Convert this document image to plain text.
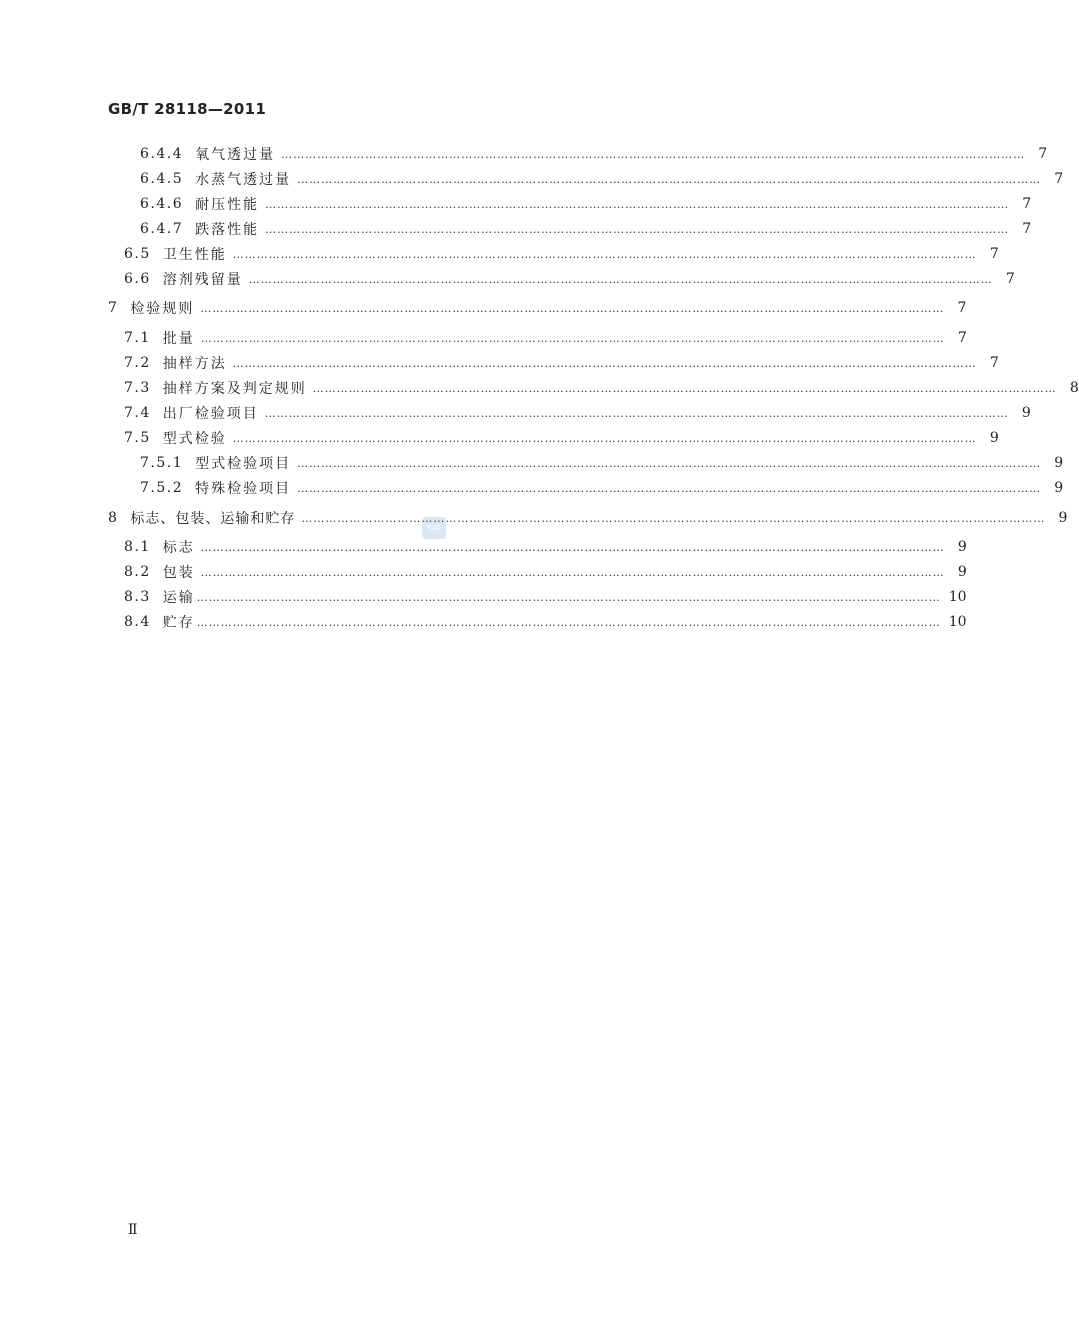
GB/T 28118—2011
SAC
6.4.4 氧气透过量 …………………………………………………………………………………………………………………………………………………………………… 7
6.4.5 水蒸气透过量 …………………………………………………………………………………………………………………………………………………………………… 7
6.4.6 耐压性能 …………………………………………………………………………………………………………………………………………………………………… 7
6.4.7 跌落性能 …………………………………………………………………………………………………………………………………………………………………… 7
6.5 卫生性能 …………………………………………………………………………………………………………………………………………………………………… 7
6.6 溶剂残留量 …………………………………………………………………………………………………………………………………………………………………… 7
7 检验规则 …………………………………………………………………………………………………………………………………………………………………… 7
7.1 批量 …………………………………………………………………………………………………………………………………………………………………… 7
7.2 抽样方法 …………………………………………………………………………………………………………………………………………………………………… 7
7.3 抽样方案及判定规则 …………………………………………………………………………………………………………………………………………………………………… 8
7.4 出厂检验项目 …………………………………………………………………………………………………………………………………………………………………… 9
7.5 型式检验 …………………………………………………………………………………………………………………………………………………………………… 9
7.5.1 型式检验项目 …………………………………………………………………………………………………………………………………………………………………… 9
7.5.2 特殊检验项目 …………………………………………………………………………………………………………………………………………………………………… 9
8 标志、包装、运输和贮存 …………………………………………………………………………………………………………………………………………………………………… 9
8.1 标志 …………………………………………………………………………………………………………………………………………………………………… 9
8.2 包装 …………………………………………………………………………………………………………………………………………………………………… 9
8.3 运输 …………………………………………………………………………………………………………………………………………………………………… 10
8.4 贮存 …………………………………………………………………………………………………………………………………………………………………… 10
Ⅱ
